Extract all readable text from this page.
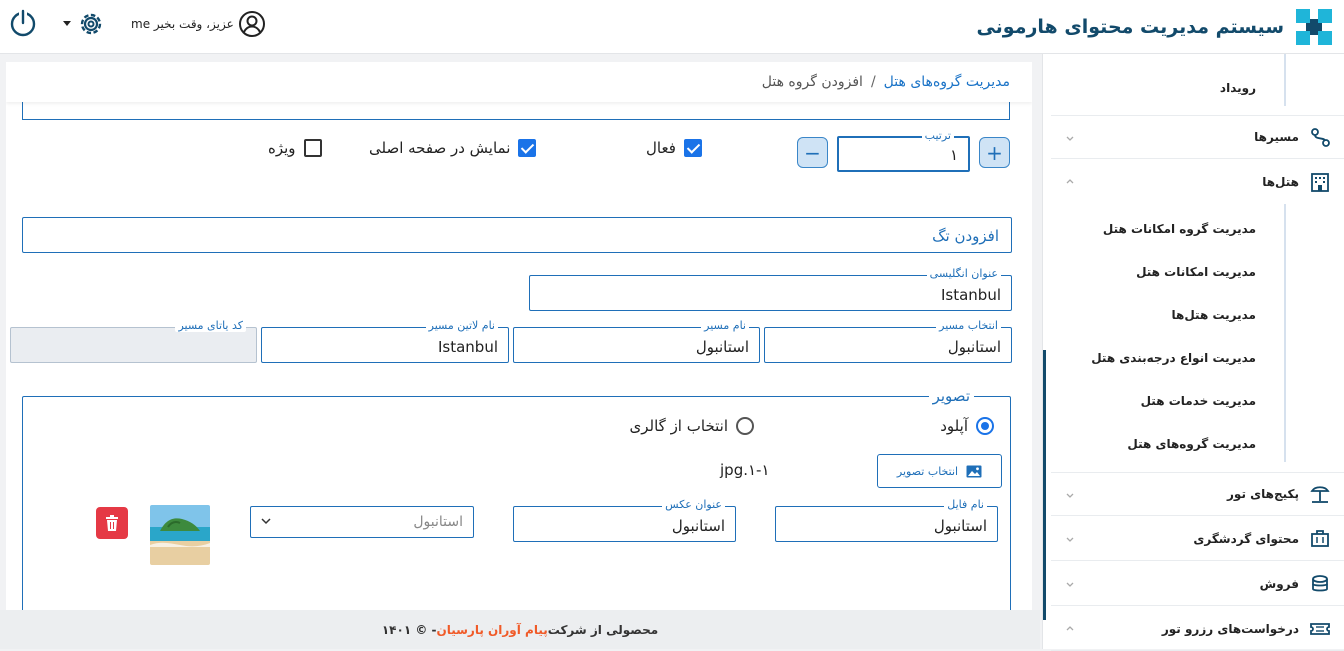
سیستم مدیریت محتوای هارمونی
me عزیز، وقت بخیر
مدیریت گروه‌های هتل
/
افزودن گروه هتل
+
ترتیب
۱
−
فعال
نمایش در صفحه اصلی
ویژه
افزودن تگ
عنوان انگلیسی
Istanbul
انتخاب مسیر
استانبول
نام مسیر
استانبول
نام لاتین مسیر
Istanbul
کد یاتای مسیر
تصویر
آپلود
انتخاب از گالری
انتخاب تصویر
jpg.۱-۱
نام فایل
استانبول
عنوان عکس
استانبول
استانبول
محصولی از شرکت
پیام آوران پارسیان
- © ۱۴۰۱
رویداد
مسیرها
هتل‌ها
مدیریت گروه امکانات هتل
مدیریت امکانات هتل
مدیریت هتل‌ها
مدیریت انواع درجه‌بندی هتل
مدیریت خدمات هتل
مدیریت گروه‌های هتل
پکیج‌های تور
محتوای گردشگری
فروش
درخواست‌های رزرو تور
